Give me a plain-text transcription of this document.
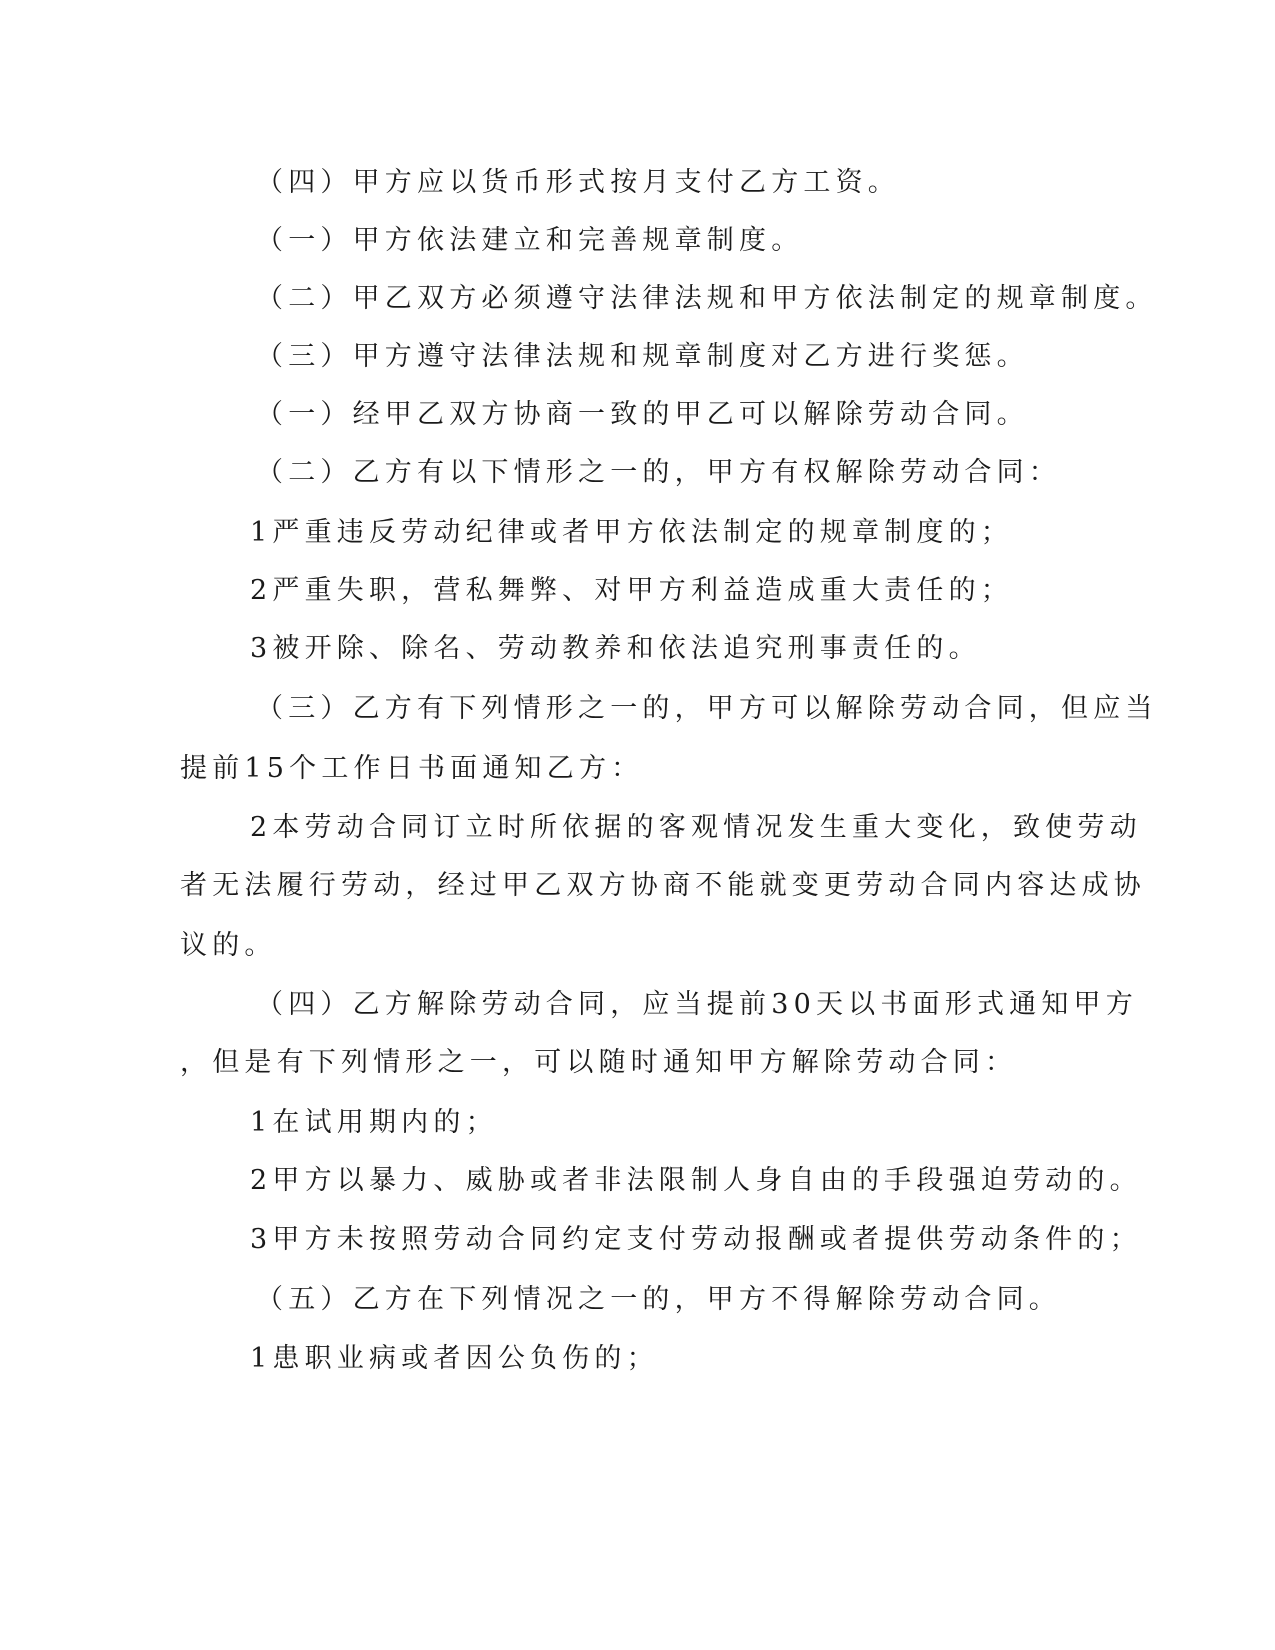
（四）甲方应以货币形式按月支付乙方工资。
（一）甲方依法建立和完善规章制度。
（二）甲乙双方必须遵守法律法规和甲方依法制定的规章制度。
（三）甲方遵守法律法规和规章制度对乙方进行奖惩。
（一）经甲乙双方协商一致的甲乙可以解除劳动合同。
（二）乙方有以下情形之一的，甲方有权解除劳动合同：
1严重违反劳动纪律或者甲方依法制定的规章制度的；
2严重失职，营私舞弊、对甲方利益造成重大责任的；
3被开除、除名、劳动教养和依法追究刑事责任的。
（三）乙方有下列情形之一的，甲方可以解除劳动合同，但应当
提前15个工作日书面通知乙方：
2本劳动合同订立时所依据的客观情况发生重大变化，致使劳动
者无法履行劳动，经过甲乙双方协商不能就变更劳动合同内容达成协
议的。
（四）乙方解除劳动合同，应当提前30天以书面形式通知甲方
，但是有下列情形之一，可以随时通知甲方解除劳动合同：
1在试用期内的；
2甲方以暴力、威胁或者非法限制人身自由的手段强迫劳动的。
3甲方未按照劳动合同约定支付劳动报酬或者提供劳动条件的；
（五）乙方在下列情况之一的，甲方不得解除劳动合同。
1患职业病或者因公负伤的；
